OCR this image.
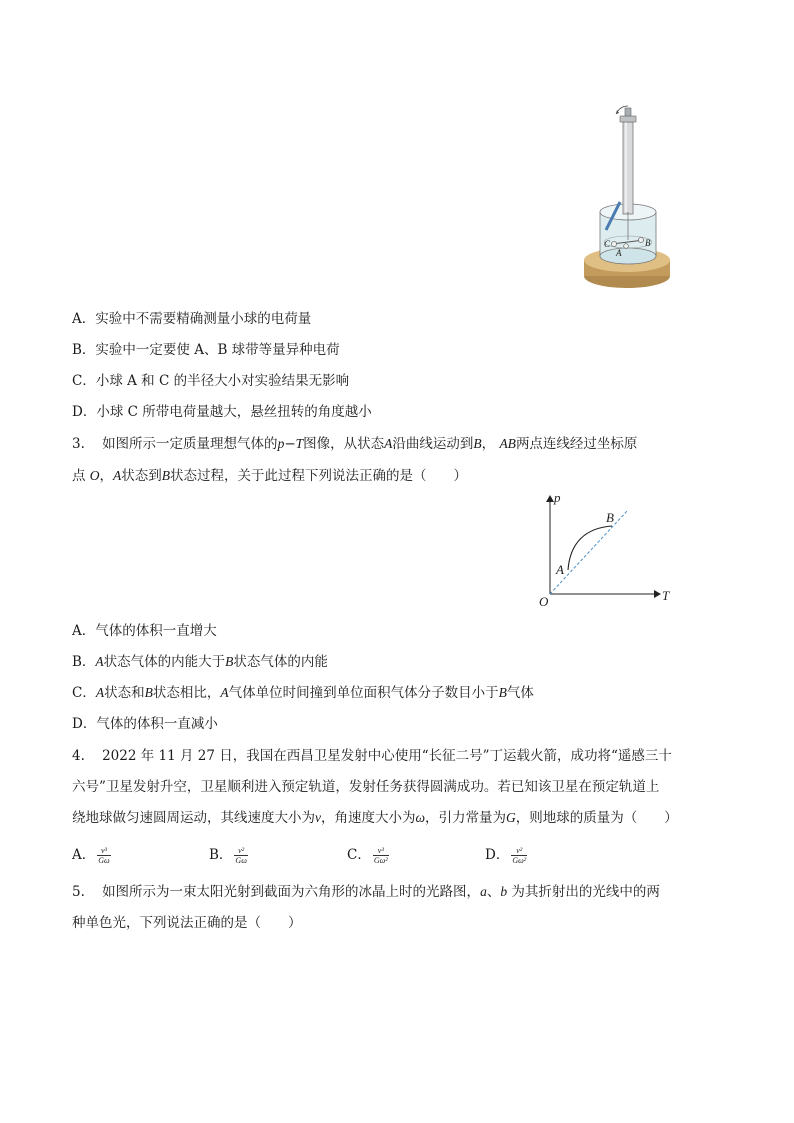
C
A
B
A．实验中不需要精确测量小球的电荷量
B．实验中一定要使 A、B 球带等量异种电荷
C．小球 A 和 C 的半径大小对实验结果无影响
D．小球 C 所带电荷量越大，悬丝扭转的角度越小
3. 如图所示一定质量理想气体的p−T图像，从状态A沿曲线运动到B， AB两点连线经过坐标原
点 O，A状态到B状态过程，关于此过程下列说法正确的是（　　）
p
T
O
A
B
A．气体的体积一直增大
B．A状态气体的内能大于B状态气体的内能
C．A状态和B状态相比，A气体单位时间撞到单位面积气体分子数目小于B气体
D．气体的体积一直减小
4. 2022 年 11 月 27 日，我国在西昌卫星发射中心使用“长征二号”丁运载火箭，成功将“遥感三十
六号”卫星发射升空，卫星顺利进入预定轨道，发射任务获得圆满成功。若已知该卫星在预定轨道上
绕地球做匀速圆周运动，其线速度大小为v，角速度大小为ω，引力常量为G，则地球的质量为（　　）
A． $\frac{\text{v³}}{G\omega}$	B． $\frac{\text{v²}}{G\omega}$	C． $\frac{\text{v³}}{\text{Gω²}}$	D． $\frac{\text{v²}}{\text{Gω²}}$
5. 如图所示为一束太阳光射到截面为六角形的冰晶上时的光路图，a、b 为其折射出的光线中的两
种单色光，下列说法正确的是（　　）
